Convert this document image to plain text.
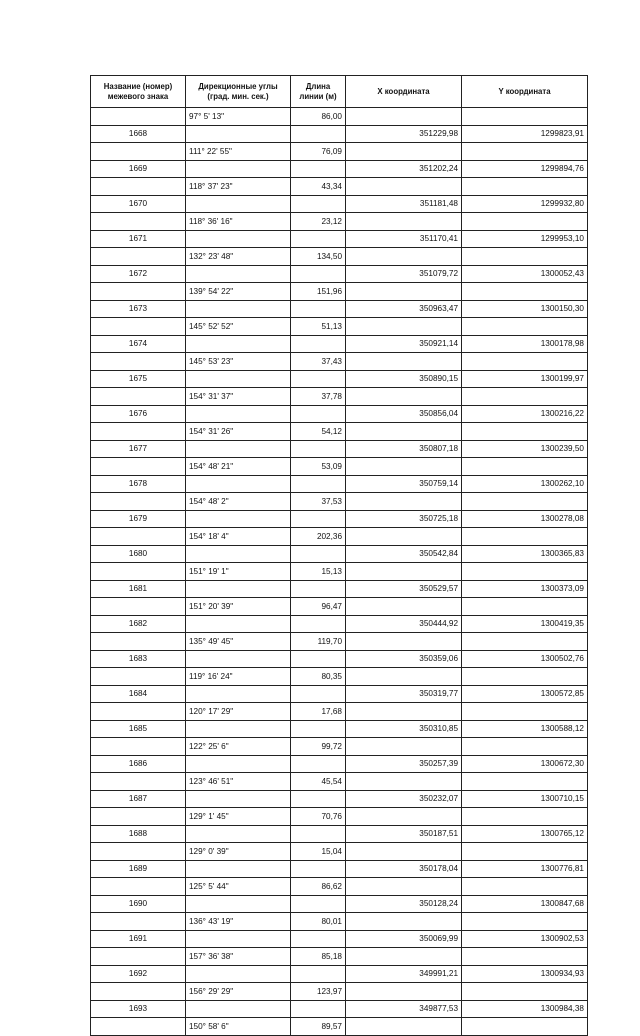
Название (номер) межевого знака	Дирекционные углы (град. мин. сек.)	Длина линии (м)	X координата	Y координата
	97° 5' 13"	86,00		
1668			351229,98	1299823,91
	111° 22' 55"	76,09		
1669			351202,24	1299894,76
	118° 37' 23"	43,34		
1670			351181,48	1299932,80
	118° 36' 16"	23,12		
1671			351170,41	1299953,10
	132° 23' 48"	134,50		
1672			351079,72	1300052,43
	139° 54' 22"	151,96		
1673			350963,47	1300150,30
	145° 52' 52"	51,13		
1674			350921,14	1300178,98
	145° 53' 23"	37,43		
1675			350890,15	1300199,97
	154° 31' 37"	37,78		
1676			350856,04	1300216,22
	154° 31' 26"	54,12		
1677			350807,18	1300239,50
	154° 48' 21"	53,09		
1678			350759,14	1300262,10
	154° 48' 2"	37,53		
1679			350725,18	1300278,08
	154° 18' 4"	202,36		
1680			350542,84	1300365,83
	151° 19' 1"	15,13		
1681			350529,57	1300373,09
	151° 20' 39"	96,47		
1682			350444,92	1300419,35
	135° 49' 45"	119,70		
1683			350359,06	1300502,76
	119° 16' 24"	80,35		
1684			350319,77	1300572,85
	120° 17' 29"	17,68		
1685			350310,85	1300588,12
	122° 25' 6"	99,72		
1686			350257,39	1300672,30
	123° 46' 51"	45,54		
1687			350232,07	1300710,15
	129° 1' 45"	70,76		
1688			350187,51	1300765,12
	129° 0' 39"	15,04		
1689			350178,04	1300776,81
	125° 5' 44"	86,62		
1690			350128,24	1300847,68
	136° 43' 19"	80,01		
1691			350069,99	1300902,53
	157° 36' 38"	85,18		
1692			349991,21	1300934,93
	156° 29' 29"	123,97		
1693			349877,53	1300984,38
	150° 58' 6"	89,57		
